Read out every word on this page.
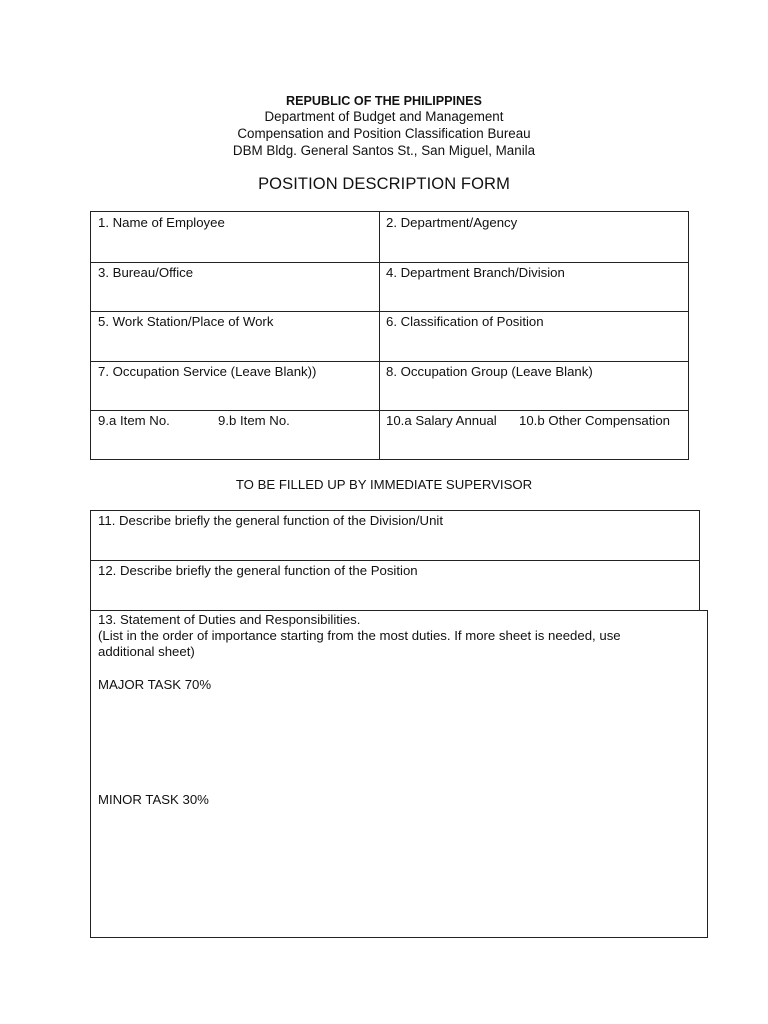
REPUBLIC OF THE PHILIPPINES
Department of Budget and Management
Compensation and Position Classification Bureau
DBM Bldg. General Santos St., San Miguel, Manila
POSITION DESCRIPTION FORM
1. Name of Employee	2. Department/Agency
3. Bureau/Office	4. Department Branch/Division
5. Work Station/Place of Work	6. Classification of Position
7. Occupation Service (Leave Blank))	8. Occupation Group (Leave Blank)
9.a Item No.	9.b Item No.	10.a Salary Annual	10.b Other Compensation
TO BE FILLED UP BY IMMEDIATE SUPERVISOR
11. Describe briefly the general function of the Division/Unit
12. Describe briefly the general function of the Position
13. Statement of Duties and Responsibilities.
(List in the order of importance starting from the most duties. If more sheet is needed, use
additional sheet)
MAJOR TASK 70%
MINOR TASK 30%
